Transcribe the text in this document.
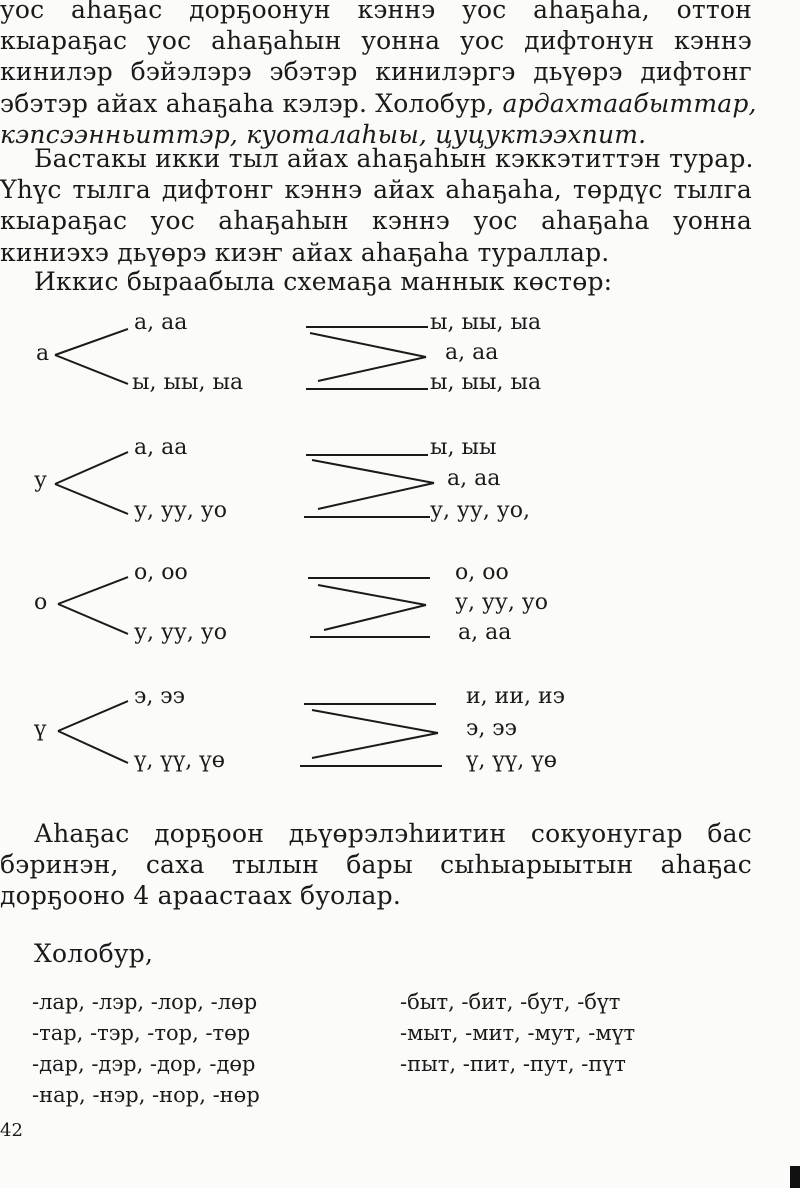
уос аһаҕас дорҕоонун кэннэ уос аһаҕаһа, оттон
кыараҕас уос аһаҕаһын уонна уос дифтонун кэннэ
кинилэр бэйэлэрэ эбэтэр кинилэргэ дьүөрэ дифтонг
эбэтэр айах аһаҕаһа кэлэр. Холобур, ардахтаабыттар,
кэпсээнньиттэр, куоталаһыы, цуцуктээхпит.
Бастакы икки тыл айах аһаҕаһын кэккэтиттэн турар.
Үһүс тылга дифтонг кэннэ айах аһаҕаһа, төрдүс тылга
кыараҕас уос аһаҕаһын кэннэ уос аһаҕаһа уонна
киниэхэ дьүөрэ киэҥ айах аһаҕаһа тураллар.
Иккис быраабыла схемаҕа маннык көстөр:
а
а, аа
ы, ыы, ыа
ы, ыы, ыа
а, аа
ы, ыы, ыа
у
а, аа
у, уу, уо
ы, ыы
а, аа
у, уу, уо,
о
о, оо
у, уу, уо
о, оо
у, уу, уо
а, аа
ү
э, ээ
ү, үү, үө
и, ии, иэ
э, ээ
ү, үү, үө
Аһаҕас дорҕоон дьүөрэлэһиитин сокуонугар бас
бэринэн, саха тылын бары сыһыарыытын аһаҕас
дорҕооно 4 араастаах буолар.
Холобур,
-лар, -лэр, -лор, -лөр
-тар, -тэр, -тор, -төр
-дар, -дэр, -дор, -дөр
-нар, -нэр, -нор, -нөр
-быт, -бит, -бут, -бүт
-мыт, -мит, -мут, -мүт
-пыт, -пит, -пут, -пүт
42
